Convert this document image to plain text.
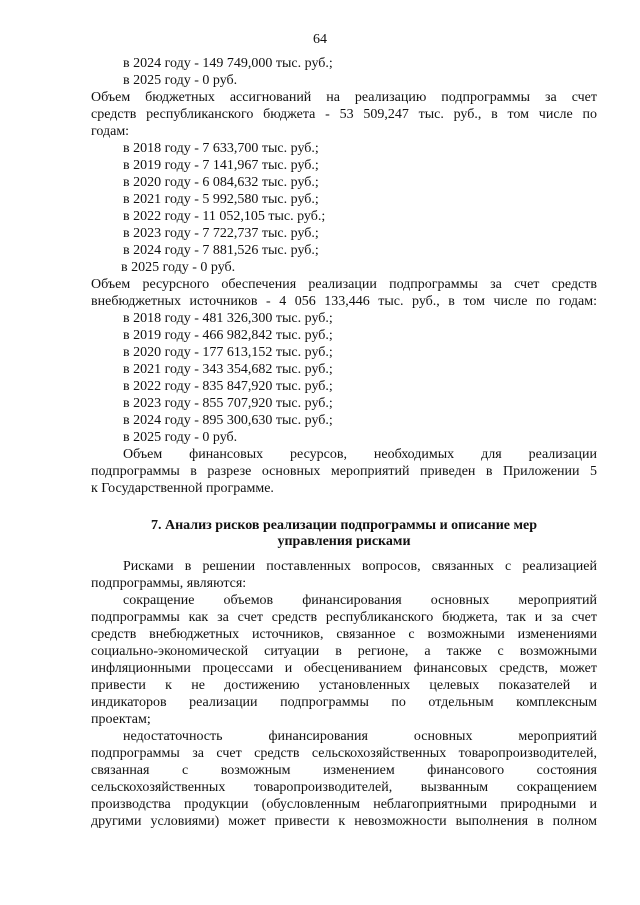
64
в 2024 году - 149 749,000 тыс. руб.;
в 2025 году - 0 руб.
Объем бюджетных ассигнований на реализацию подпрограммы за счет
средств республиканского бюджета - 53 509,247 тыс. руб., в том числе по
годам:
в 2018 году - 7 633,700 тыс. руб.;
в 2019 году - 7 141,967 тыс. руб.;
в 2020 году - 6 084,632 тыс. руб.;
в 2021 году - 5 992,580 тыс. руб.;
в 2022 году - 11 052,105 тыс. руб.;
в 2023 году - 7 722,737 тыс. руб.;
в 2024 году - 7 881,526 тыс. руб.;
в 2025 году - 0 руб.
Объем ресурсного обеспечения реализации подпрограммы за счет средств
внебюджетных источников - 4 056 133,446 тыс. руб., в том числе по годам:
в 2018 году - 481 326,300 тыс. руб.;
в 2019 году - 466 982,842 тыс. руб.;
в 2020 году - 177 613,152 тыс. руб.;
в 2021 году - 343 354,682 тыс. руб.;
в 2022 году - 835 847,920 тыс. руб.;
в 2023 году - 855 707,920 тыс. руб.;
в 2024 году - 895 300,630 тыс. руб.;
в 2025 году - 0 руб.
Объем финансовых ресурсов, необходимых для реализации
подпрограммы в разрезе основных мероприятий приведен в Приложении 5
к Государственной программе.
7. Анализ рисков реализации подпрограммы и описание мер
управления рисками
Рисками в решении поставленных вопросов, связанных с реализацией
подпрограммы, являются:
сокращение объемов финансирования основных мероприятий
подпрограммы как за счет средств республиканского бюджета, так и за счет
средств внебюджетных источников, связанное с возможными изменениями
социально-экономической ситуации в регионе, а также с возможными
инфляционными процессами и обесцениванием финансовых средств, может
привести к не достижению установленных целевых показателей и
индикаторов реализации подпрограммы по отдельным комплексным
проектам;
недостаточность финансирования основных мероприятий
подпрограммы за счет средств сельскохозяйственных товаропроизводителей,
связанная с возможным изменением финансового состояния
сельскохозяйственных товаропроизводителей, вызванным сокращением
производства продукции (обусловленным неблагоприятными природными и
другими условиями) может привести к невозможности выполнения в полном
